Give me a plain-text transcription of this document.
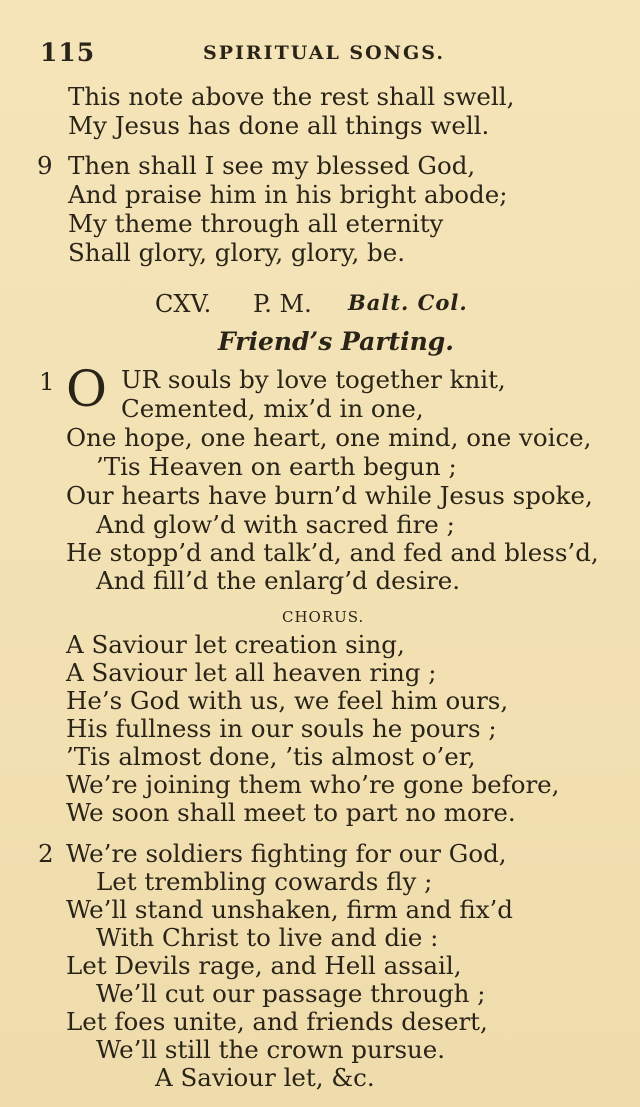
115	SPIRITUAL SONGS.
This note above the rest shall swell,
My Jesus has done all things well.
9 Then shall I see my blessed God,
And praise him in his bright abode;
My theme through all eternity
Shall glory, glory, glory, be.
CXV. P. M. Balt. Col.
Friend’s Parting.
1 O UR souls by love together knit,
Cemented, mix’d in one,
One hope, one heart, one mind, one voice,
’Tis Heaven on earth begun ;
Our hearts have burn’d while Jesus spoke,
And glow’d with sacred fire ;
He stopp’d and talk’d, and fed and bless’d,
And fill’d the enlarg’d desire.
CHORUS.
A Saviour let creation sing,
A Saviour let all heaven ring ;
He’s God with us, we feel him ours,
His fullness in our souls he pours ;
’Tis almost done, ’tis almost o’er,
We’re joining them who’re gone before,
We soon shall meet to part no more.
2 We’re soldiers fighting for our God,
Let trembling cowards fly ;
We’ll stand unshaken, firm and fix’d
With Christ to live and die :
Let Devils rage, and Hell assail,
We’ll cut our passage through ;
Let foes unite, and friends desert,
We’ll still the crown pursue.
A Saviour let, &c.
